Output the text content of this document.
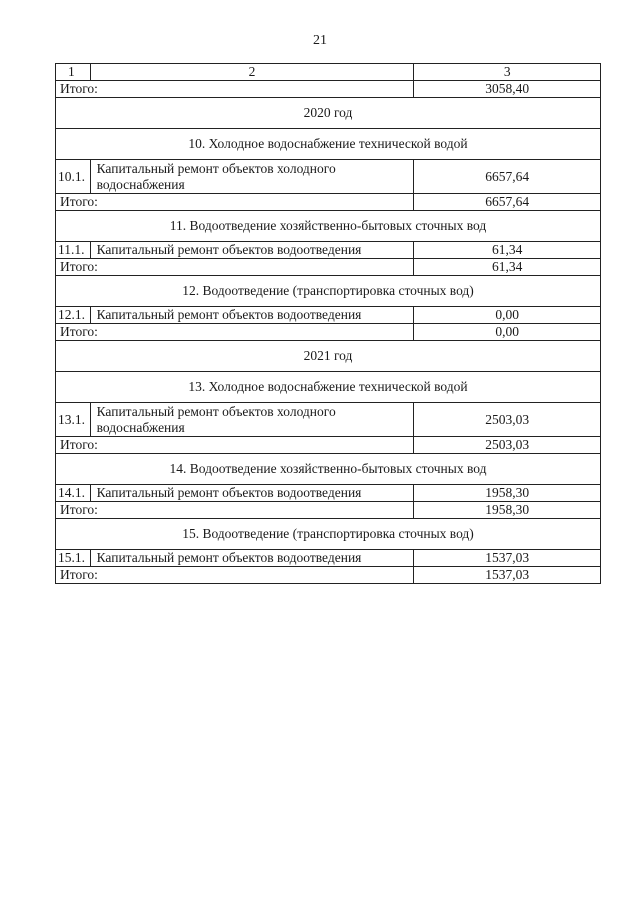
21
1	2	3
Итого:		3058,40
2020 год		
10. Холодное водоснабжение технической водой		
10.1.	Капитальный ремонт объектов холодного водоснабжения	6657,64
Итого:		6657,64
11. Водоотведение хозяйственно-бытовых сточных вод		
11.1.	Капитальный ремонт объектов водоотведения	61,34
Итого:		61,34
12. Водоотведение (транспортировка сточных вод)		
12.1.	Капитальный ремонт объектов водоотведения	0,00
Итого:		0,00
2021 год		
13. Холодное водоснабжение технической водой		
13.1.	Капитальный ремонт объектов холодного водоснабжения	2503,03
Итого:		2503,03
14. Водоотведение хозяйственно-бытовых сточных вод		
14.1.	Капитальный ремонт объектов водоотведения	1958,30
Итого:		1958,30
15. Водоотведение (транспортировка сточных вод)		
15.1.	Капитальный ремонт объектов водоотведения	1537,03
Итого:		1537,03
